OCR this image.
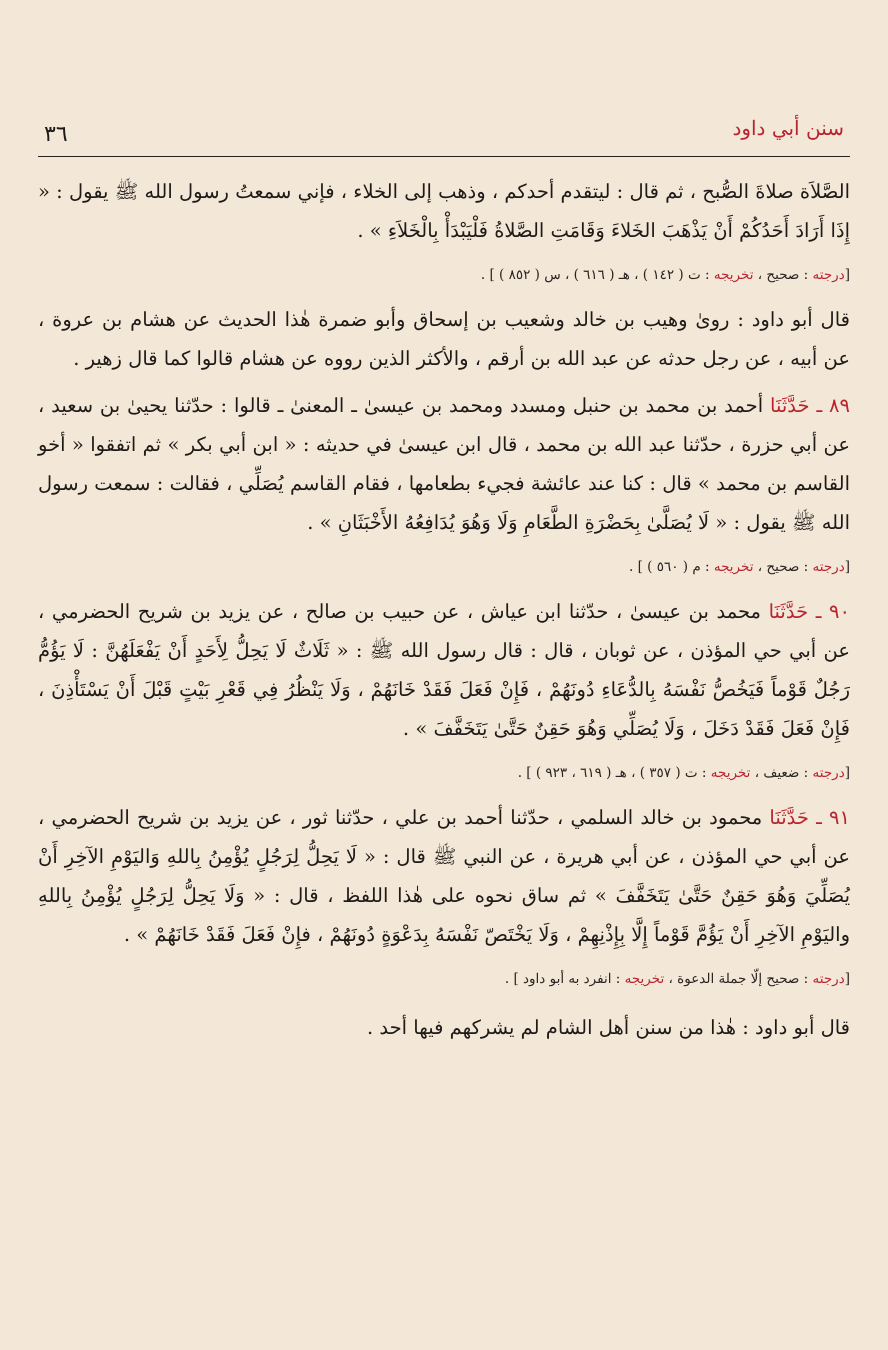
سنن أبي داود
٣٦

الصَّلاَة صلاةَ الصُّبح ، ثم قال : ليتقدم أحدكم ، وذهب إلى الخلاء ، فإني سمعتُ رسول الله ﷺ يقول : « إِذَا أَرَادَ أَحَدُكُمْ أَنْ يَذْهَبَ الخَلاءَ وَقَامَتِ الصَّلاةُ فَلْيَبْدَأْ بِالْخَلاَءِ » .

[درجته : صحيح ، تخريجه : ت ( ١٤٢ ) ، هـ ( ٦١٦ ) ، س ( ٨٥٢ ) ] .

قال أبو داود : روىٰ وهيب بن خالد وشعيب بن إسحاق وأبو ضمرة هٰذا الحديث عن هشام بن عروة ، عن أبيه ، عن رجل حدثه عن عبد الله بن أرقم ، والأكثر الذين رووه عن هشام قالوا كما قال زهير .

٨٩ ـ حَدَّثَنَا أحمد بن محمد بن حنبل ومسدد ومحمد بن عيسىٰ ـ المعنىٰ ـ قالوا : حدّثنا يحيىٰ بن سعيد ، عن أبي حزرة ، حدّثنا عبد الله بن محمد ، قال ابن عيسىٰ في حديثه : « ابن أبي بكر » ثم اتفقوا « أخو القاسم بن محمد » قال : كنا عند عائشة فجيء بطعامها ، فقام القاسم يُصَلِّي ، فقالت : سمعت رسول الله ﷺ يقول : « لَا يُصَلَّىٰ بِحَضْرَةِ الطَّعَامِ وَلَا وَهُوَ يُدَافِعُهُ الأَخْبَثَانِ » .

[درجته : صحيح ، تخريجه : م ( ٥٦٠ ) ] .

٩٠ ـ حَدَّثَنَا محمد بن عيسىٰ ، حدّثنا ابن عياش ، عن حبيب بن صالح ، عن يزيد بن شريح الحضرمي ، عن أبي حي المؤذن ، عن ثوبان ، قال : قال رسول الله ﷺ : « ثَلَاثٌ لَا يَحِلُّ لِأَحَدٍ أَنْ يَفْعَلَهُنَّ : لَا يَؤُمُّ رَجُلٌ قَوْماً فَيَخُصُّ نَفْسَهُ بِالدُّعَاءِ دُونَهُمْ ، فَإِنْ فَعَلَ فَقَدْ خَانَهُمْ ، وَلَا يَنْظُرُ فِي قَعْرِ بَيْتٍ قَبْلَ أَنْ يَسْتَأْذِنَ ، فَإِنْ فَعَلَ فَقَدْ دَخَلَ ، وَلَا يُصَلِّي وَهُوَ حَقِنٌ حَتَّىٰ يَتَخَفَّفَ » .

[درجته : ضعيف ، تخريجه : ت ( ٣٥٧ ) ، هـ ( ٦١٩ ، ٩٢٣ ) ] .

٩١ ـ حَدَّثَنَا محمود بن خالد السلمي ، حدّثنا أحمد بن علي ، حدّثنا ثور ، عن يزيد بن شريح الحضرمي ، عن أبي حي المؤذن ، عن أبي هريرة ، عن النبي ﷺ قال : « لَا يَحِلُّ لِرَجُلٍ يُؤْمِنُ بِاللهِ وَاليَوْمِ الآخِرِ أَنْ يُصَلِّيَ وَهُوَ حَقِنٌ حَتَّىٰ يَتَخَفَّفَ » ثم ساق نحوه على هٰذا اللفظ ، قال : « وَلَا يَحِلُّ لِرَجُلٍ يُؤْمِنُ بِاللهِ واليَوْمِ الآخِرِ أَنْ يَؤُمَّ قَوْماً إِلَّا بِإِذْنِهِمْ ، وَلَا يَخْتَصّ نَفْسَهُ بِدَعْوَةٍ دُونَهُمْ ، فإِنْ فَعَلَ فَقَدْ خَانَهُمْ » .

[درجته : صحيح إلّا جملة الدعوة ، تخريجه : انفرد به أبو داود ] .

قال أبو داود : هٰذا من سنن أهل الشام لم يشركهم فيها أحد .
